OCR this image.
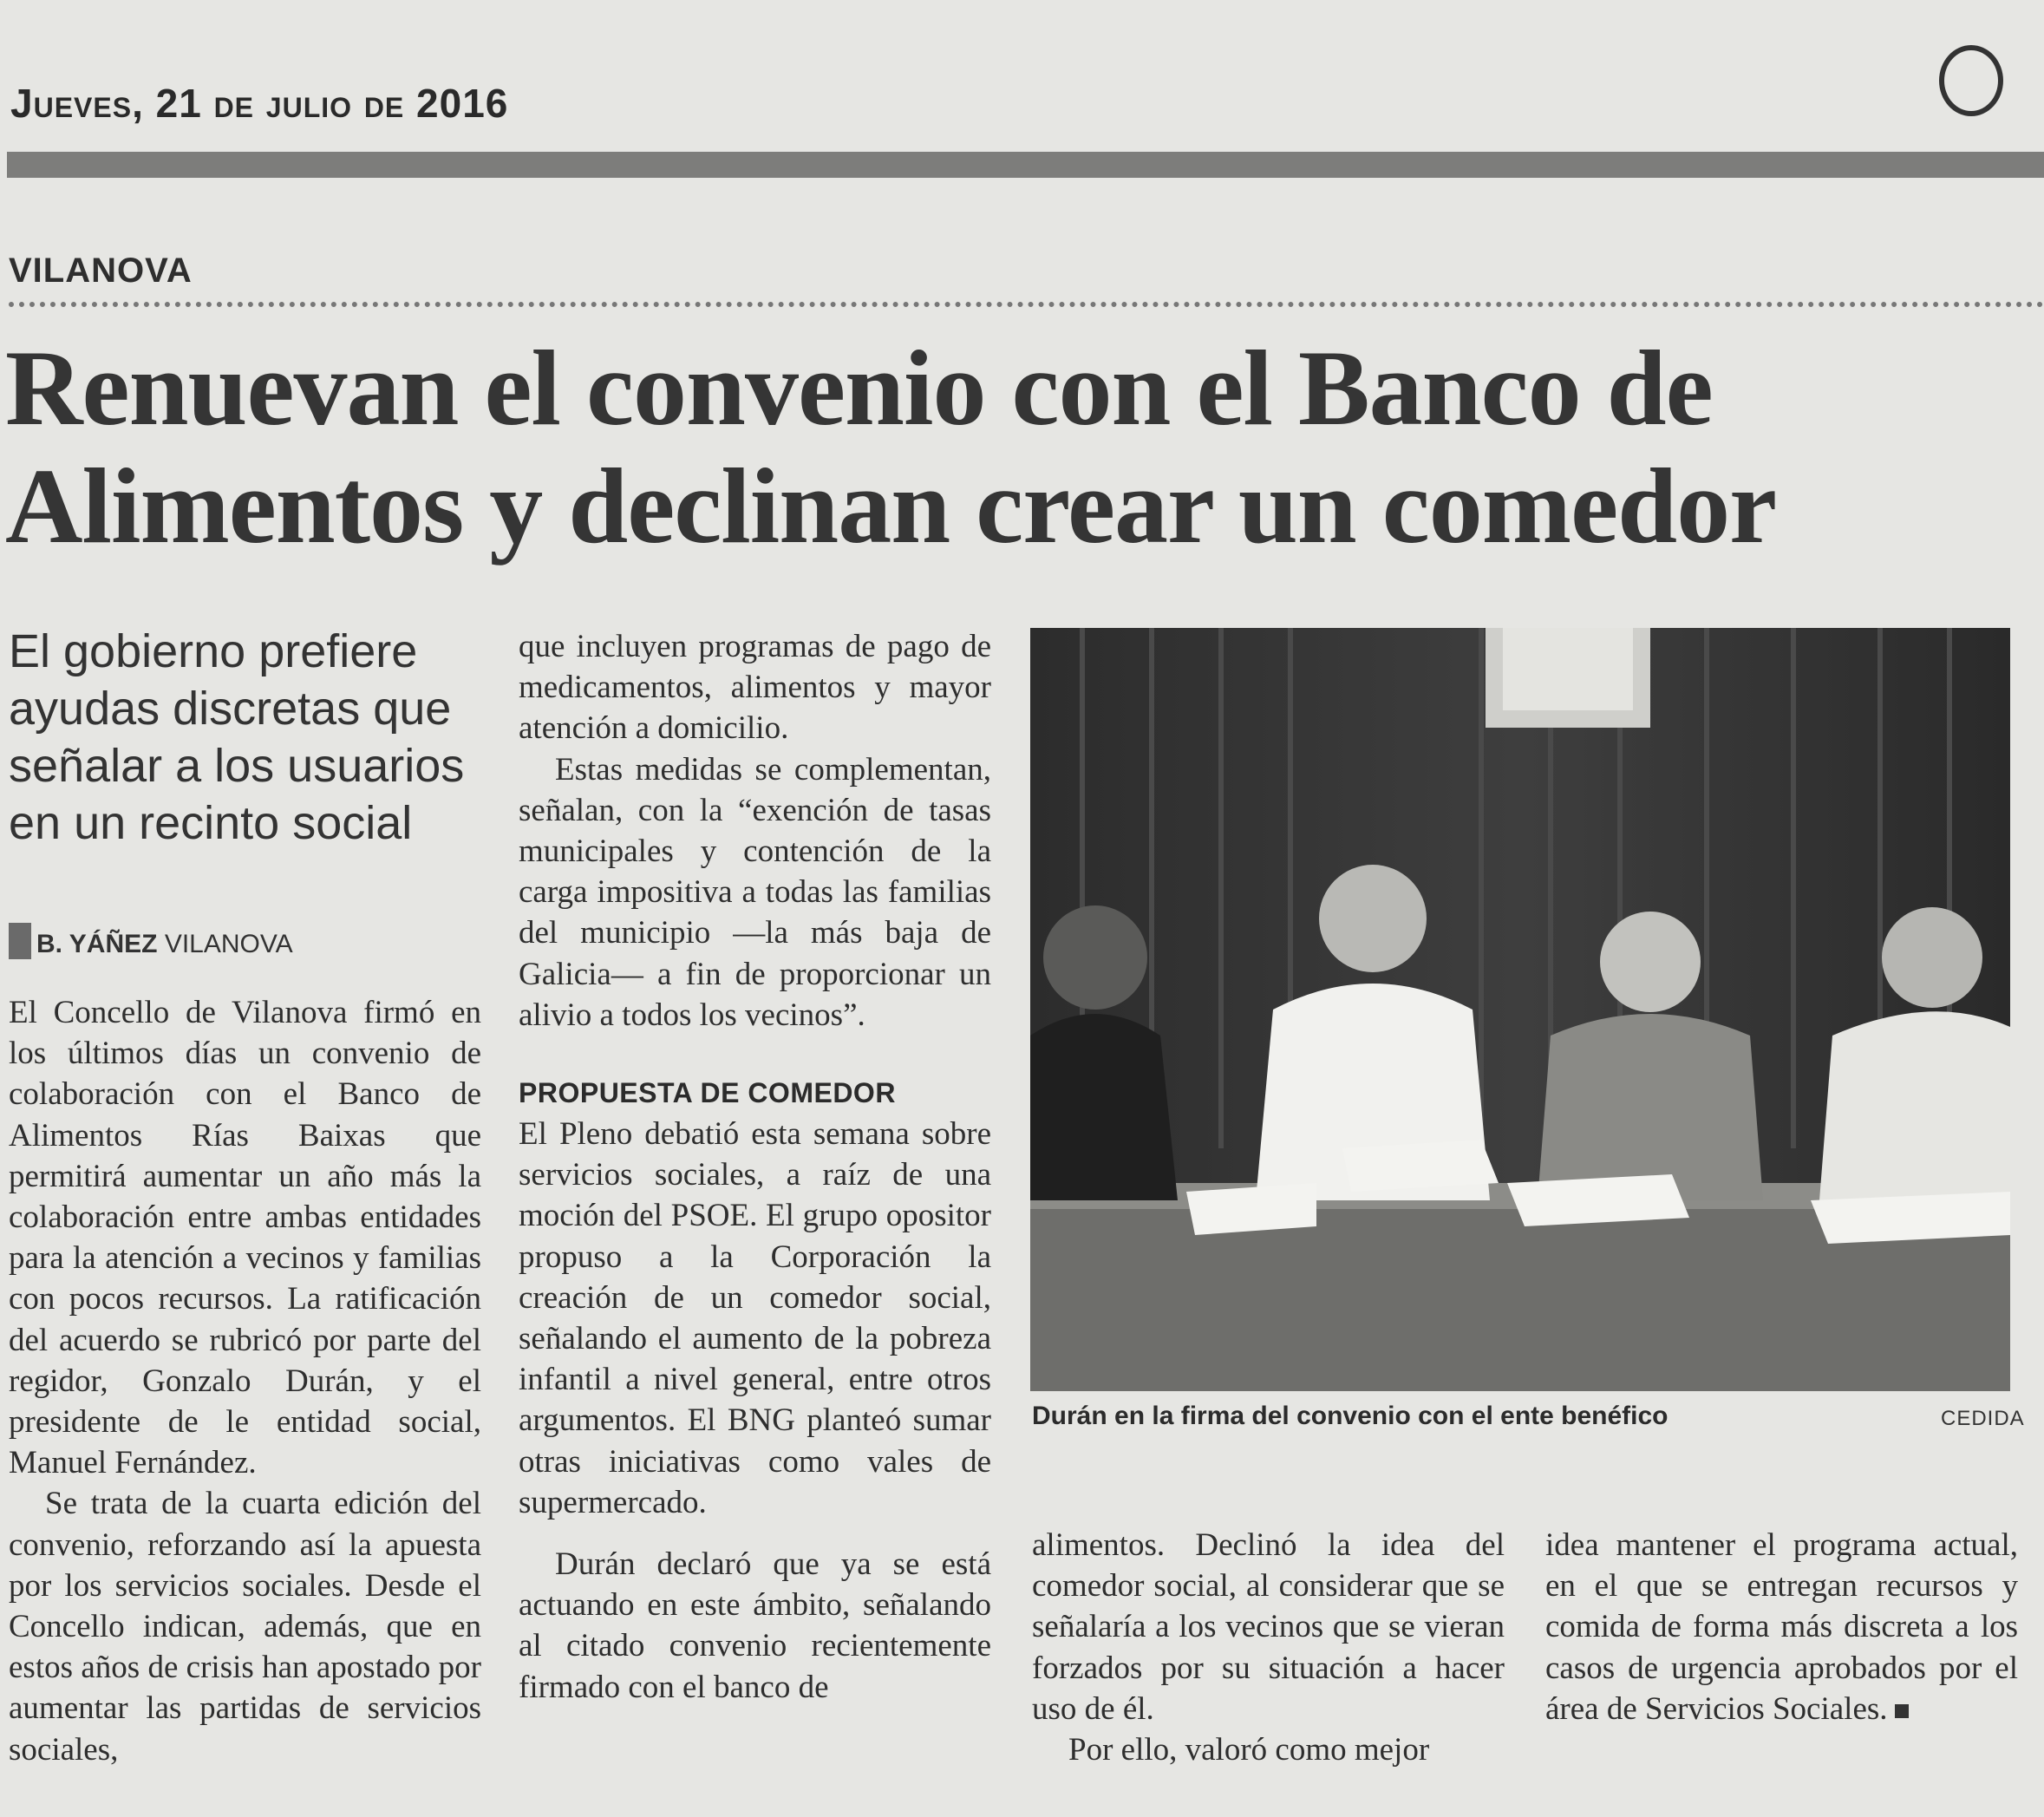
Jueves, 21 de julio de 2016
VILANOVA
Renuevan el convenio con el Banco de Alimentos y declinan crear un comedor

El gobierno prefiere ayudas discretas que señalar a los usuarios en un recinto social

B. YÁÑEZ VILANOVA

El Concello de Vilanova firmó en los últimos días un convenio de colaboración con el Banco de Alimentos Rías Baixas que permitirá aumentar un año más la colaboración entre ambas entidades para la atención a vecinos y familias con pocos recursos. La ratificación del acuerdo se rubricó por parte del regidor, Gonzalo Durán, y el presidente de le entidad social, Manuel Fernández.

Se trata de la cuarta edición del convenio, reforzando así la apuesta por los servicios sociales. Desde el Concello indican, además, que en estos años de crisis han apostado por aumentar las partidas de servicios sociales,

que incluyen programas de pago de medicamentos, alimentos y mayor atención a domicilio.

Estas medidas se complementan, señalan, con la “exención de tasas municipales y contención de la carga impositiva a todas las familias del municipio —la más baja de Galicia— a fin de proporcionar un alivio a todos los vecinos”.

PROPUESTA DE COMEDOR

El Pleno debatió esta semana sobre servicios sociales, a raíz de una moción del PSOE. El grupo opositor propuso a la Corporación la creación de un comedor social, señalando el aumento de la pobreza infantil a nivel general, entre otros argumentos. El BNG planteó sumar otras iniciativas como vales de supermercado.

Durán declaró que ya se está actuando en este ámbito, señalando al citado convenio recientemente firmado con el banco de

Durán en la firma del convenio con el ente benéfico	CEDIDA

alimentos. Declinó la idea del comedor social, al considerar que se señalaría a los vecinos que se vieran forzados por su situación a hacer uso de él.

Por ello, valoró como mejor

idea mantener el programa actual, en el que se entregan recursos y comida de forma más discreta a los casos de urgencia aprobados por el área de Servicios Sociales.
